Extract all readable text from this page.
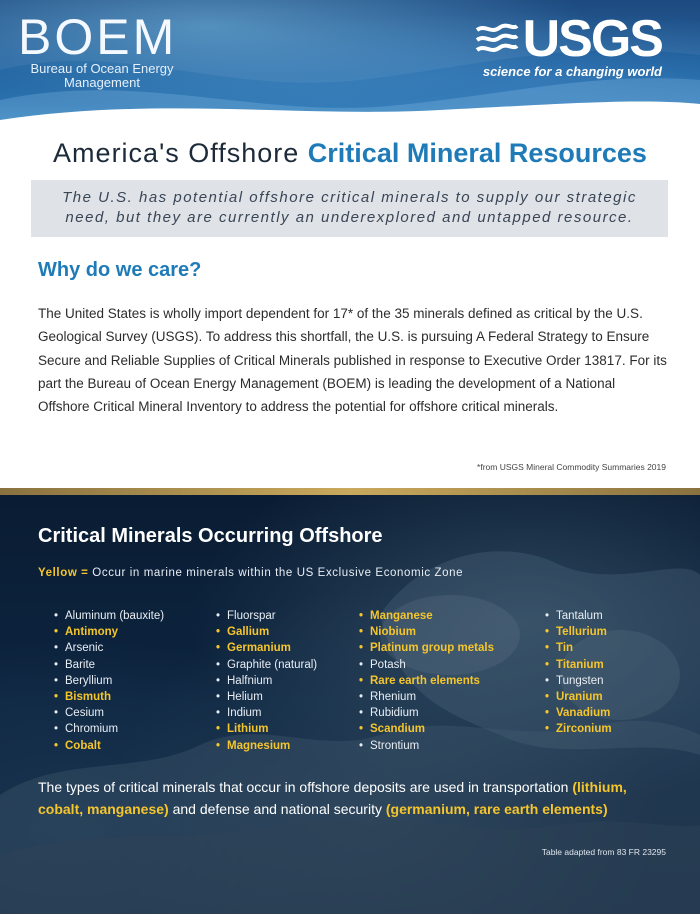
BOEM
Bureau of Ocean Energy
Management
USGS
science for a changing world
America's Offshore Critical Mineral Resources
The U.S. has potential offshore critical minerals to supply our strategic
need, but they are currently an underexplored and untapped resource.
Why do we care?
The United States is wholly import dependent for 17* of the 35 minerals defined as critical by the U.S. Geological Survey (USGS). To address this shortfall, the U.S. is pursuing A Federal Strategy to Ensure Secure and Reliable Supplies of Critical Minerals published in response to Executive Order 13817. For its part the Bureau of Ocean Energy Management (BOEM) is leading the development of a National Offshore Critical Mineral Inventory to address the potential for offshore critical minerals.
*from USGS Mineral Commodity Summaries 2019
Critical Minerals Occurring Offshore
Yellow = Occur in marine minerals within the US Exclusive Economic Zone
• Aluminum (bauxite)
• Antimony
• Arsenic
• Barite
• Beryllium
• Bismuth
• Cesium
• Chromium
• Cobalt
• Fluorspar
• Gallium
• Germanium
• Graphite (natural)
• Halfnium
• Helium
• Indium
• Lithium
• Magnesium
• Manganese
• Niobium
• Platinum group metals
• Potash
• Rare earth elements
• Rhenium
• Rubidium
• Scandium
• Strontium
• Tantalum
• Tellurium
• Tin
• Titanium
• Tungsten
• Uranium
• Vanadium
• Zirconium
The types of critical minerals that occur in offshore deposits are used in transportation (lithium, cobalt, manganese) and defense and national security (germanium, rare earth elements)
Table adapted from 83 FR 23295
